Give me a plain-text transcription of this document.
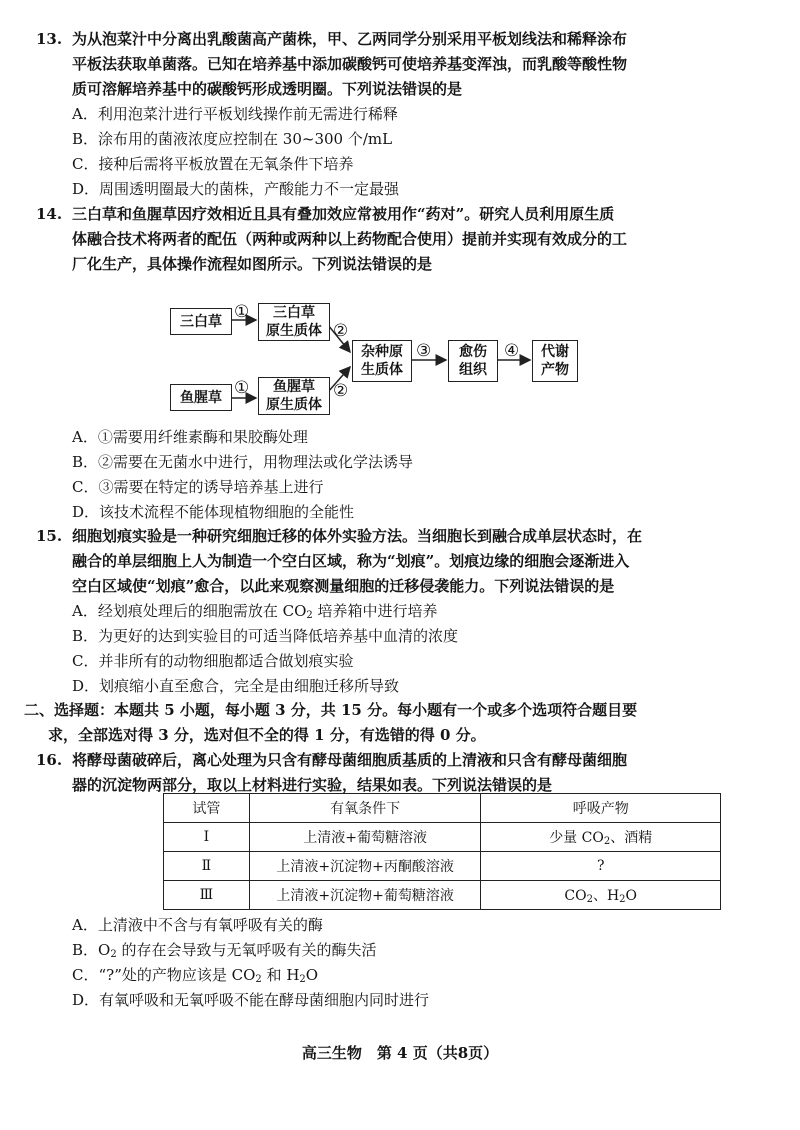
13. 为从泡菜汁中分离出乳酸菌高产菌株，甲、乙两同学分别采用平板划线法和稀释涂布
平板法获取单菌落。已知在培养基中添加碳酸钙可使培养基变浑浊，而乳酸等酸性物
质可溶解培养基中的碳酸钙形成透明圈。下列说法错误的是
A．利用泡菜汁进行平板划线操作前无需进行稀释
B．涂布用的菌液浓度应控制在 30~300 个/mL
C．接种后需将平板放置在无氧条件下培养
D．周围透明圈最大的菌株，产酸能力不一定最强
14. 三白草和鱼腥草因疗效相近且具有叠加效应常被用作“药对”。研究人员利用原生质
体融合技术将两者的配伍（两种或两种以上药物配合使用）提前并实现有效成分的工
厂化生产，具体操作流程如图所示。下列说法错误的是
三白草 ①	三白草
原生质体 ②
鱼腥草 ①	鱼腥草
原生质体
②
杂种原
生质体
③ 愈伤
组织
④ 代谢
产物
A．①需要用纤维素酶和果胶酶处理
B．②需要在无菌水中进行，用物理法或化学法诱导
C．③需要在特定的诱导培养基上进行
D．该技术流程不能体现植物细胞的全能性
15. 细胞划痕实验是一种研究细胞迁移的体外实验方法。当细胞长到融合成单层状态时，在
融合的单层细胞上人为制造一个空白区域，称为“划痕”。划痕边缘的细胞会逐渐进入
空白区域使“划痕”愈合，以此来观察测量细胞的迁移侵袭能力。下列说法错误的是
A．经划痕处理后的细胞需放在 $CO_2$ 培养箱中进行培养
B．为更好的达到实验目的可适当降低培养基中血清的浓度
C．并非所有的动物细胞都适合做划痕实验
D．划痕缩小直至愈合，完全是由细胞迁移所导致
二、选择题：本题共 5 小题，每小题 3 分，共 15 分。每小题有一个或多个选项符合题目要
求，全部选对得 3 分，选对但不全的得 1 分，有选错的得 0 分。
16. 将酵母菌破碎后，离心处理为只含有酵母菌细胞质基质的上清液和只含有酵母菌细胞
器的沉淀物两部分，取以上材料进行实验，结果如表。下列说法错误的是
试管	有氧条件下	呼吸产物
Ⅰ	上清液+葡萄糖溶液	少量 $CO_2$、酒精
Ⅱ	上清液+沉淀物+丙酮酸溶液	?
Ⅲ	上清液+沉淀物+葡萄糖溶液	$CO_2$、$H_2O$
A．上清液中不含与有氧呼吸有关的酶
B．$O_2$ 的存在会导致与无氧呼吸有关的酶失活
C．“?”处的产物应该是 $CO_2$ 和 $H_2O$
D．有氧呼吸和无氧呼吸不能在酵母菌细胞内同时进行
高三生物　第 4 页（共8页）
